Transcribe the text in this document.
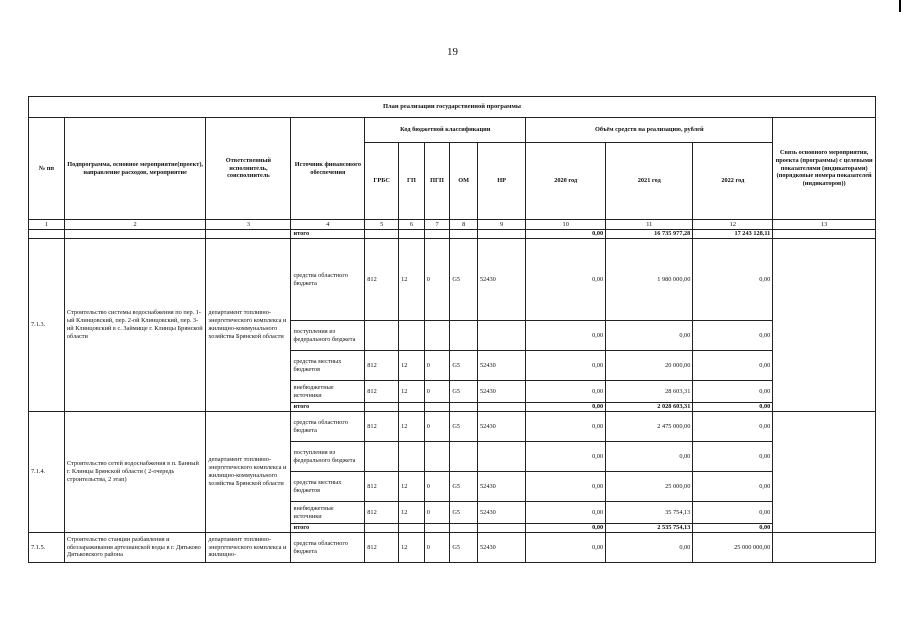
19
План реализации государственной программы												
№ пп	Подпрограмма, основное мероприятие(проект), направление расходов, мероприятие	Ответственный исполнитель, соисполнитель	Источник финансового обеспечения	Код бюджетной классификации					Объём средств на реализацию, рублей			Связь основного мероприятия, проекта (программы) с целевыми показателями (индикаторами) (порядковые номера показателей (индикаторов))
				ГРБС	ГП	ПГП	ОМ	НР	2020 год	2021 год	2022 год	
1	2	3	4	5	6	7	8	9	10	11	12	13
			итого						0,00	16 735 977,28	17 243 128,11	
7.1.3.	Строительство системы водоснабжения по пер. 1-ый Клинцовский, пер. 2-ой Клинцовский, пер. 3-ий Клинцовский в с. Займище г. Клинцы Брянской области	департамент топливно-энергетического комплекса и жилищно-коммунального хозяйства Брянской области	средства областного бюджета	812	12	0	G5	52430	0,00	1 980 000,00	0,00	
			поступления из федерального бюджета						0,00	0,00	0,00	
			средства местных бюджетов	812	12	0	G5	52430	0,00	20 000,00	0,00	
			внебюджетные источники	812	12	0	G5	52430	0,00	28 603,31	0,00	
			итого						0,00	2 028 603,31	0,00	
7.1.4.	Строительство сетей водоснабжения в п. Банный г. Клинцы Брянской области ( 2-очередь строительства, 2 этап)	департамент топливно-энергетического комплекса и жилищно-коммунального хозяйства Брянской области	средства областного бюджета	812	12	0	G5	52430	0,00	2 475 000,00	0,00	
			поступления из федерального бюджета						0,00	0,00	0,00	
			средства местных бюджетов	812	12	0	G5	52430	0,00	25 000,00	0,00	
			внебюджетные источники	812	12	0	G5	52430	0,00	35 754,13	0,00	
			итого						0,00	2 535 754,13	0,00	
7.1.5.	Строительство станции разбавления и обеззараживания артезианской воды в г. Дятьково Дятьковского района	департамент топливно-энергетического комплекса и жилищно-	средства областного бюджета	812	12	0	G5	52430	0,00	0,00	25 000 000,00	
